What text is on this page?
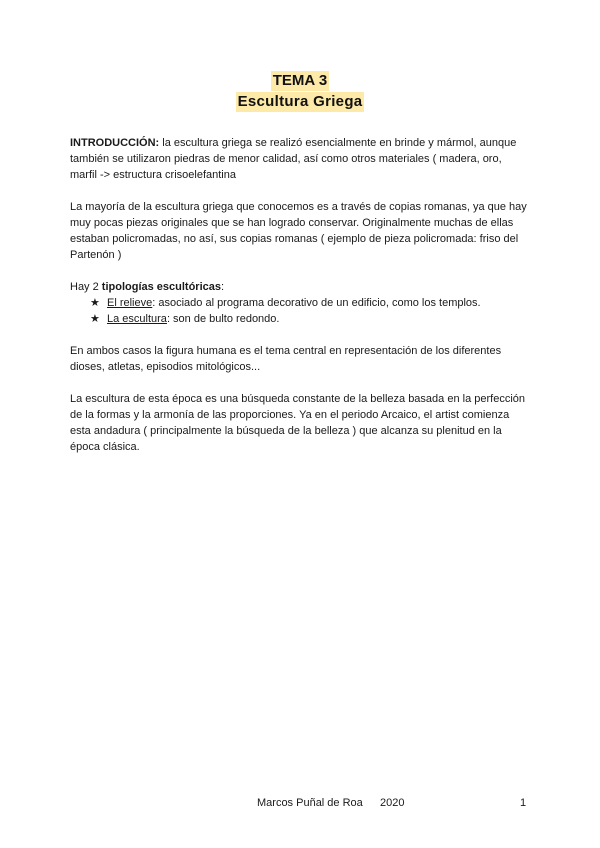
TEMA 3
Escultura Griega

INTRODUCCIÓN: la escultura griega se realizó esencialmente en brinde y mármol, aunque también se utilizaron piedras de menor calidad, así como otros materiales ( madera, oro, marfil -> estructura crisoelefantina

La mayoría de la escultura griega que conocemos es a través de copias romanas, ya que hay muy pocas piezas originales que se han logrado conservar. Originalmente muchas de ellas estaban policromadas, no así, sus copias romanas ( ejemplo de pieza policromada: friso del Partenón )

Hay 2 tipologías escultóricas:

★ El relieve: asociado al programa decorativo de un edificio, como los templos.
★ La escultura: son de bulto redondo.

En ambos casos la figura humana es el tema central en representación de los diferentes dioses, atletas, episodios mitológicos...

La escultura de esta época es una búsqueda constante de la belleza basada en la perfección de la formas y la armonía de las proporciones. Ya en el periodo Arcaico, el artist comienza esta andadura ( principalmente la búsqueda de la belleza ) que alcanza su plenitud en la época clásica.

Marcos Puñal de Roa 2020	1
